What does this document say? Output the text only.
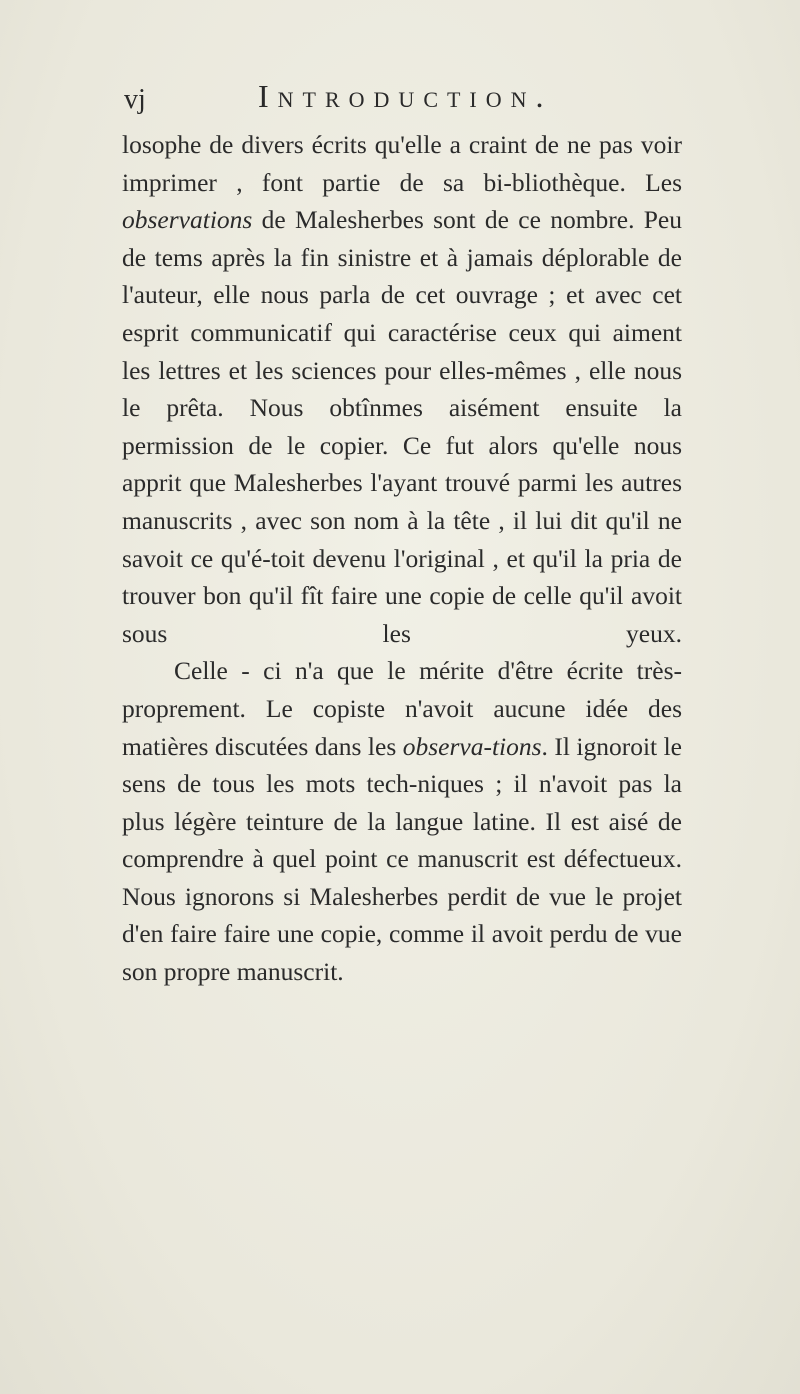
vj	Introduction.

losophe de divers écrits qu'elle a craint de ne pas voir imprimer , font partie de sa bi-bliothèque. Les observations de Malesherbes sont de ce nombre. Peu de tems après la fin sinistre et à jamais déplorable de l'auteur, elle nous parla de cet ouvrage ; et avec cet esprit communicatif qui caractérise ceux qui aiment les lettres et les sciences pour elles-mêmes , elle nous le prêta. Nous obtînmes aisément ensuite la permission de le copier. Ce fut alors qu'elle nous apprit que Malesherbes l'ayant trouvé parmi les autres manuscrits , avec son nom à la tête , il lui dit qu'il ne savoit ce qu'é-toit devenu l'original , et qu'il la pria de trouver bon qu'il fît faire une copie de celle qu'il avoit sous les yeux.

Celle - ci n'a que le mérite d'être écrite très-proprement. Le copiste n'avoit aucune idée des matières discutées dans les observa-tions. Il ignoroit le sens de tous les mots tech-niques ; il n'avoit pas la plus légère teinture de la langue latine. Il est aisé de comprendre à quel point ce manuscrit est défectueux. Nous ignorons si Malesherbes perdit de vue le projet d'en faire faire une copie, comme il avoit perdu de vue son propre manuscrit.
